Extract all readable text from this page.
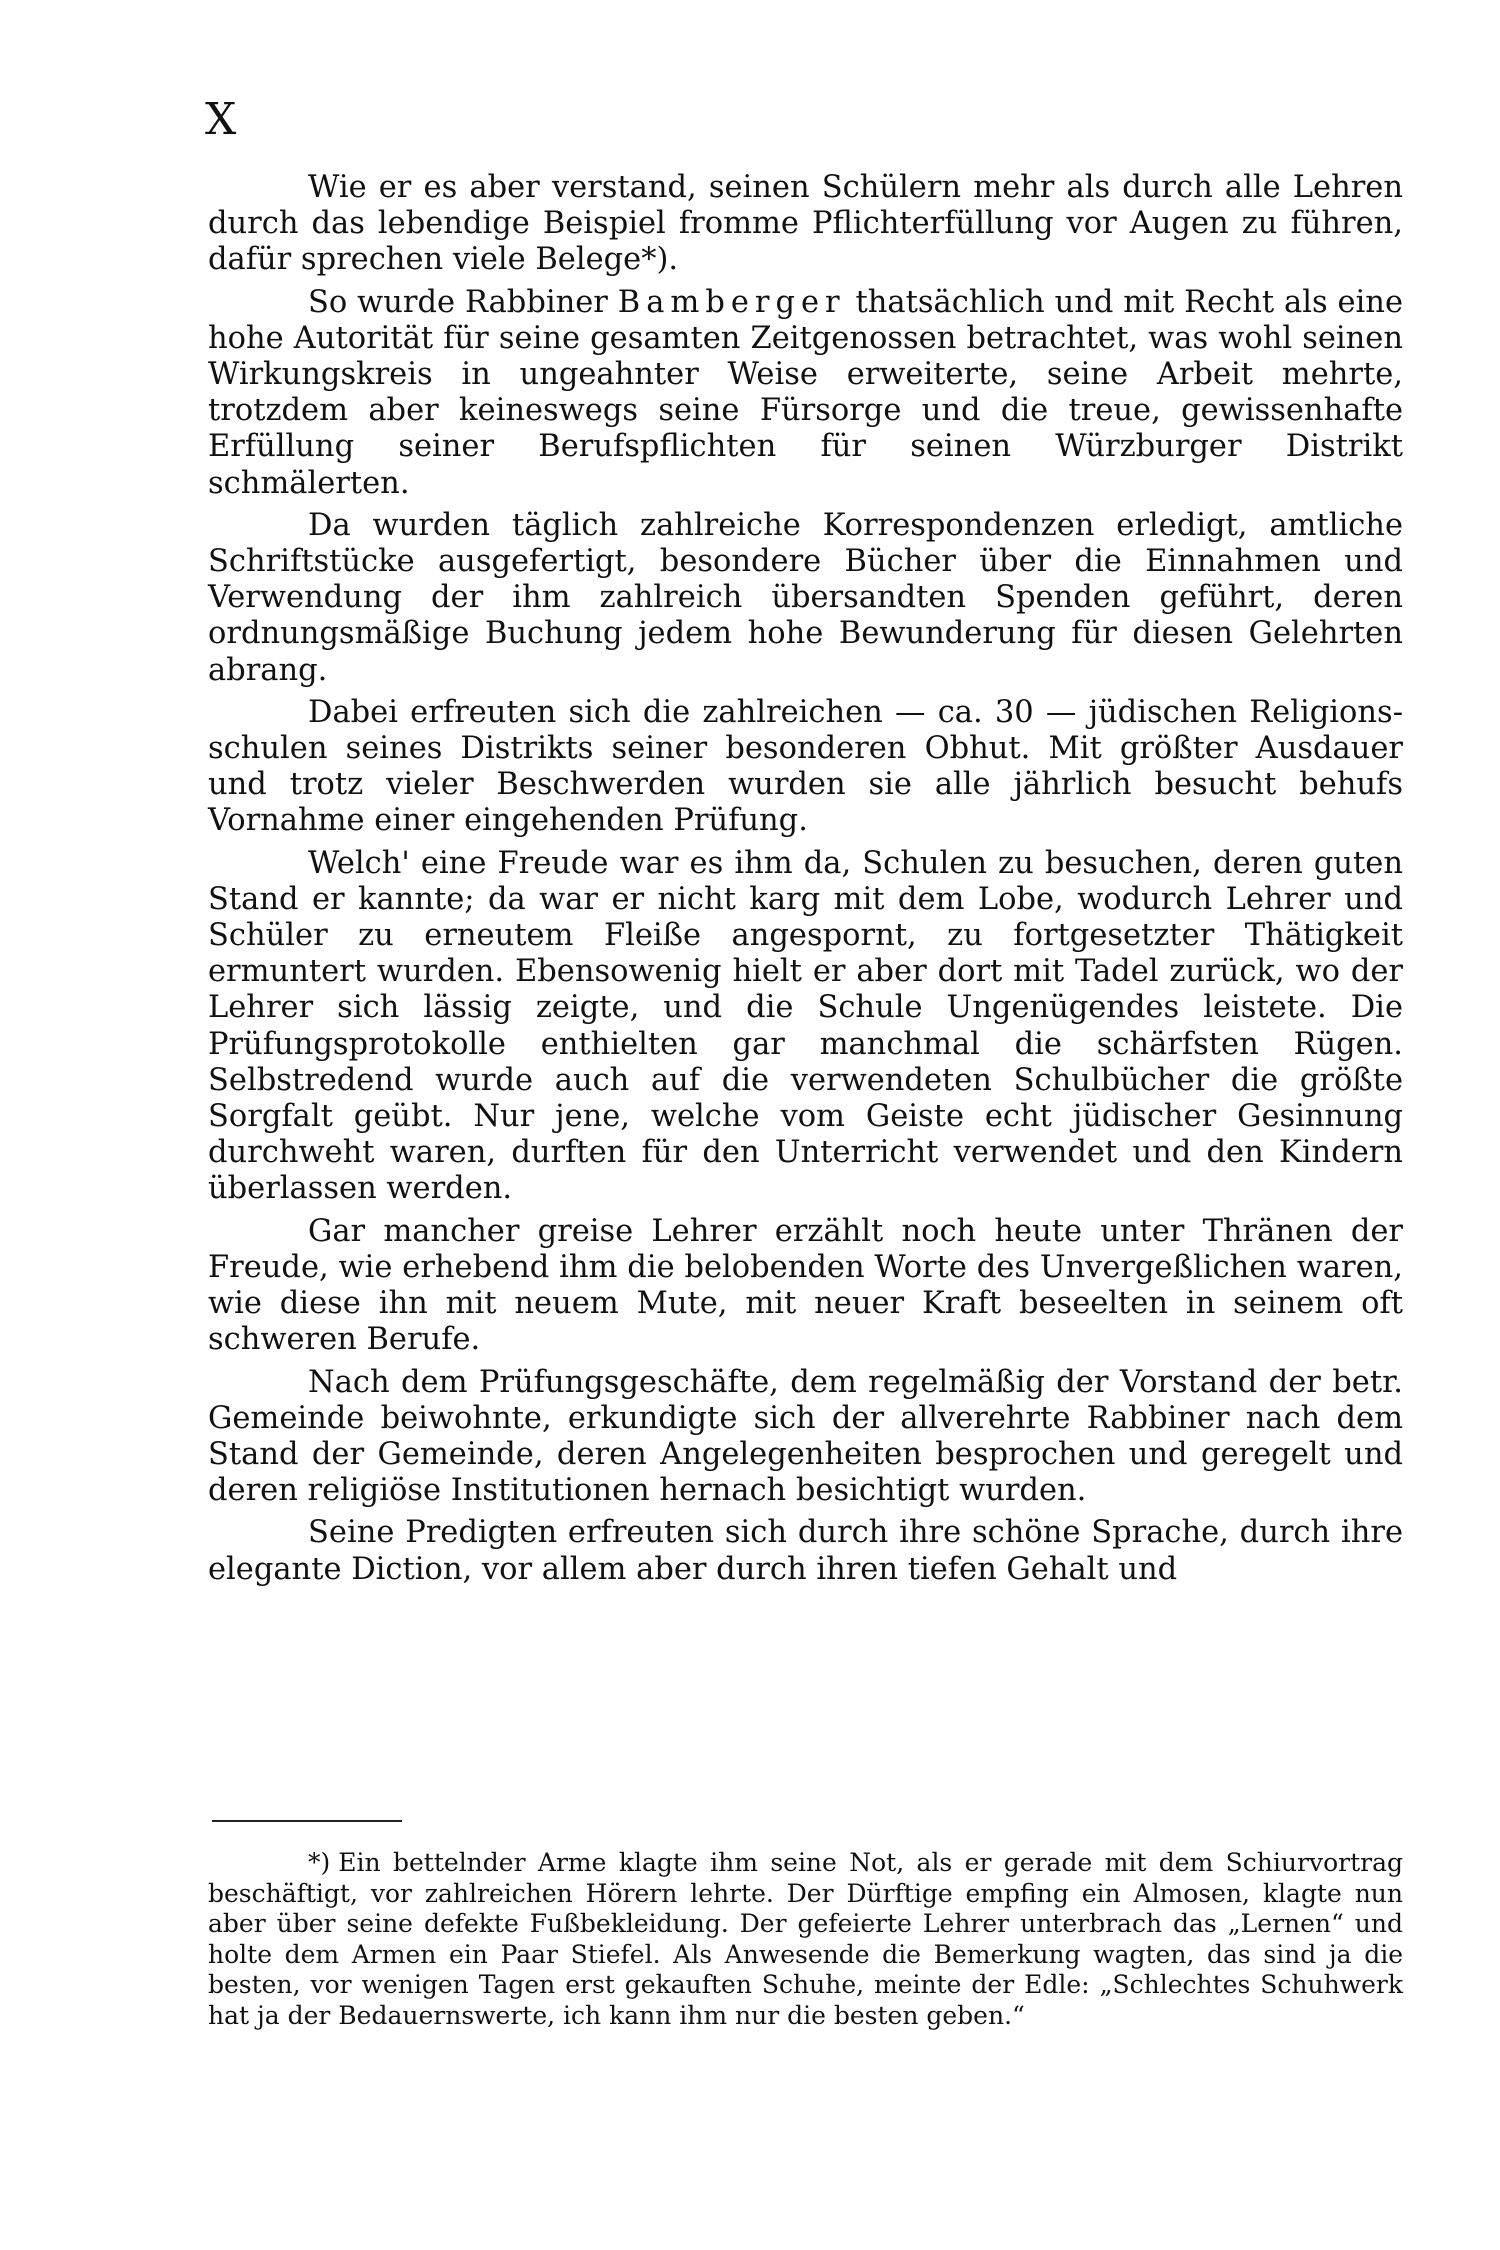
X

Wie er es aber verstand, seinen Schülern mehr als durch alle Lehren durch das lebendige Beispiel fromme Pflichterfüllung vor Augen zu führen, dafür sprechen viele Belege*).

So wurde Rabbiner Bamberger thatsächlich und mit Recht als eine hohe Autorität für seine gesamten Zeitgenossen betrachtet, was wohl seinen Wirkungskreis in ungeahnter Weise erweiterte, seine Arbeit mehrte, trotzdem aber keineswegs seine Fürsorge und die treue, gewissenhafte Erfüllung seiner Berufspflichten für seinen Würzburger Distrikt schmälerten.

Da wurden täglich zahlreiche Korrespondenzen erledigt, amtliche Schriftstücke ausgefertigt, besondere Bücher über die Einnahmen und Verwendung der ihm zahlreich übersandten Spenden geführt, deren ordnungsmäßige Buchung jedem hohe Bewunderung für diesen Gelehrten abrang.

Dabei erfreuten sich die zahlreichen — ca. 30 — jüdischen Religionsschulen seines Distrikts seiner besonderen Obhut. Mit größter Ausdauer und trotz vieler Beschwerden wurden sie alle jährlich besucht behufs Vornahme einer eingehenden Prüfung.

Welch' eine Freude war es ihm da, Schulen zu besuchen, deren guten Stand er kannte; da war er nicht karg mit dem Lobe, wodurch Lehrer und Schüler zu erneutem Fleiße angespornt, zu fortgesetzter Thätigkeit ermuntert wurden. Ebensowenig hielt er aber dort mit Tadel zurück, wo der Lehrer sich lässig zeigte, und die Schule Ungenügendes leistete. Die Prüfungsprotokolle enthielten gar manchmal die schärfsten Rügen. Selbstredend wurde auch auf die verwendeten Schulbücher die größte Sorgfalt geübt. Nur jene, welche vom Geiste echt jüdischer Gesinnung durchweht waren, durften für den Unterricht verwendet und den Kindern überlassen werden.

Gar mancher greise Lehrer erzählt noch heute unter Thränen der Freude, wie erhebend ihm die belobenden Worte des Unvergeßlichen waren, wie diese ihn mit neuem Mute, mit neuer Kraft beseelten in seinem oft schweren Berufe.

Nach dem Prüfungsgeschäfte, dem regelmäßig der Vorstand der betr. Gemeinde beiwohnte, erkundigte sich der allverehrte Rabbiner nach dem Stand der Gemeinde, deren Angelegenheiten besprochen und geregelt und deren religiöse Institutionen hernach besichtigt wurden.

Seine Predigten erfreuten sich durch ihre schöne Sprache, durch ihre elegante Diction, vor allem aber durch ihren tiefen Gehalt und

*) Ein bettelnder Arme klagte ihm seine Not, als er gerade mit dem Schiurvortrag beschäftigt, vor zahlreichen Hörern lehrte. Der Dürftige empfing ein Almosen, klagte nun aber über seine defekte Fußbekleidung. Der gefeierte Lehrer unterbrach das „Lernen“ und holte dem Armen ein Paar Stiefel. Als Anwesende die Bemerkung wagten, das sind ja die besten, vor wenigen Tagen erst gekauften Schuhe, meinte der Edle: „Schlechtes Schuhwerk hat ja der Bedauernswerte, ich kann ihm nur die besten geben.“
